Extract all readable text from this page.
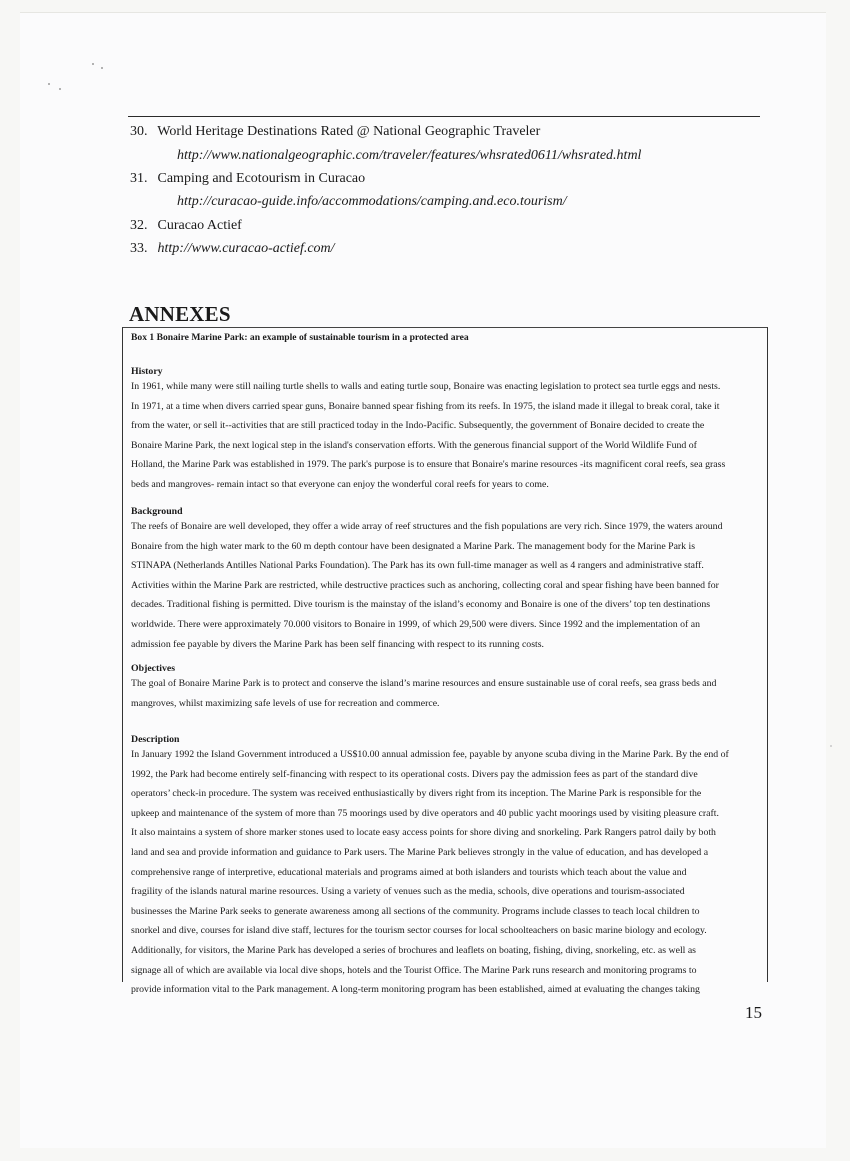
30. World Heritage Destinations Rated @ National Geographic Traveler
http://www.nationalgeographic.com/traveler/features/whsrated0611/whsrated.html
31. Camping and Ecotourism in Curacao
http://curacao-guide.info/accommodations/camping.and.eco.tourism/
32. Curacao Actief
33. http://www.curacao-actief.com/
ANNEXES
Box 1 Bonaire Marine Park: an example of sustainable tourism in a protected area
History
In 1961, while many were still nailing turtle shells to walls and eating turtle soup, Bonaire was enacting legislation to protect sea turtle eggs and nests.
In 1971, at a time when divers carried spear guns, Bonaire banned spear fishing from its reefs. In 1975, the island made it illegal to break coral, take it
from the water, or sell it--activities that are still practiced today in the Indo-Pacific. Subsequently, the government of Bonaire decided to create the
Bonaire Marine Park, the next logical step in the island's conservation efforts. With the generous financial support of the World Wildlife Fund of
Holland, the Marine Park was established in 1979. The park's purpose is to ensure that Bonaire's marine resources -its magnificent coral reefs, sea grass
beds and mangroves- remain intact so that everyone can enjoy the wonderful coral reefs for years to come.
Background
The reefs of Bonaire are well developed, they offer a wide array of reef structures and the fish populations are very rich. Since 1979, the waters around
Bonaire from the high water mark to the 60 m depth contour have been designated a Marine Park. The management body for the Marine Park is
STINAPA (Netherlands Antilles National Parks Foundation). The Park has its own full-time manager as well as 4 rangers and administrative staff.
Activities within the Marine Park are restricted, while destructive practices such as anchoring, collecting coral and spear fishing have been banned for
decades. Traditional fishing is permitted. Dive tourism is the mainstay of the island’s economy and Bonaire is one of the divers’ top ten destinations
worldwide. There were approximately 70.000 visitors to Bonaire in 1999, of which 29,500 were divers. Since 1992 and the implementation of an
admission fee payable by divers the Marine Park has been self financing with respect to its running costs.
Objectives
The goal of Bonaire Marine Park is to protect and conserve the island’s marine resources and ensure sustainable use of coral reefs, sea grass beds and
mangroves, whilst maximizing safe levels of use for recreation and commerce.
Description
In January 1992 the Island Government introduced a US$10.00 annual admission fee, payable by anyone scuba diving in the Marine Park. By the end of
1992, the Park had become entirely self-financing with respect to its operational costs. Divers pay the admission fees as part of the standard dive
operators’ check-in procedure. The system was received enthusiastically by divers right from its inception. The Marine Park is responsible for the
upkeep and maintenance of the system of more than 75 moorings used by dive operators and 40 public yacht moorings used by visiting pleasure craft.
It also maintains a system of shore marker stones used to locate easy access points for shore diving and snorkeling. Park Rangers patrol daily by both
land and sea and provide information and guidance to Park users. The Marine Park believes strongly in the value of education, and has developed a
comprehensive range of interpretive, educational materials and programs aimed at both islanders and tourists which teach about the value and
fragility of the islands natural marine resources. Using a variety of venues such as the media, schools, dive operations and tourism-associated
businesses the Marine Park seeks to generate awareness among all sections of the community. Programs include classes to teach local children to
snorkel and dive, courses for island dive staff, lectures for the tourism sector courses for local schoolteachers on basic marine biology and ecology.
Additionally, for visitors, the Marine Park has developed a series of brochures and leaflets on boating, fishing, diving, snorkeling, etc. as well as
signage all of which are available via local dive shops, hotels and the Tourist Office. The Marine Park runs research and monitoring programs to
provide information vital to the Park management. A long-term monitoring program has been established, aimed at evaluating the changes taking
15
